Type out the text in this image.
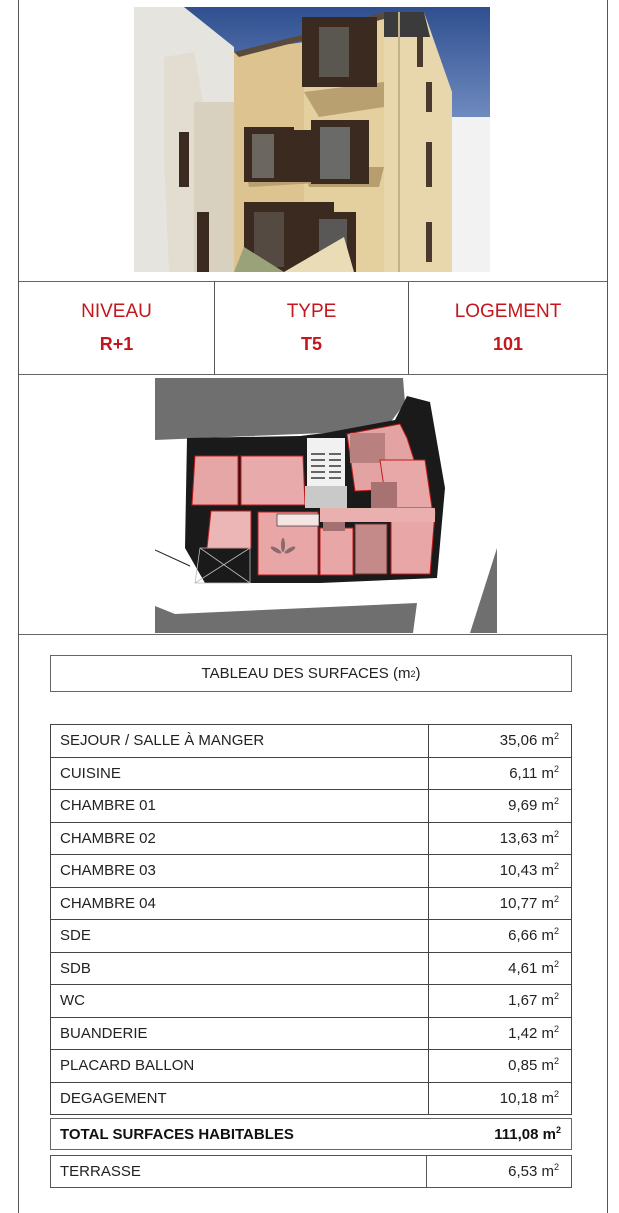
NIVEAU
R+1
TYPE
T5
LOGEMENT
101
TABLEAU DES SURFACES (m 2 )
SEJOUR / SALLE À MANGER	35,06 $m^2$
CUISINE	6,11 $m^2$
CHAMBRE 01	9,69 $m^2$
CHAMBRE 02	13,63 $m^2$
CHAMBRE 03	10,43 $m^2$
CHAMBRE 04	10,77 $m^2$
SDE	6,66 $m^2$
SDB	4,61 $m^2$
WC	1,67 $m^2$
BUANDERIE	1,42 $m^2$
PLACARD BALLON	0,85 $m^2$
DEGAGEMENT	10,18 $m^2$
TOTAL SURFACES HABITABLES	111,08 $m^2$
TERRASSE	6,53 $m^2$
